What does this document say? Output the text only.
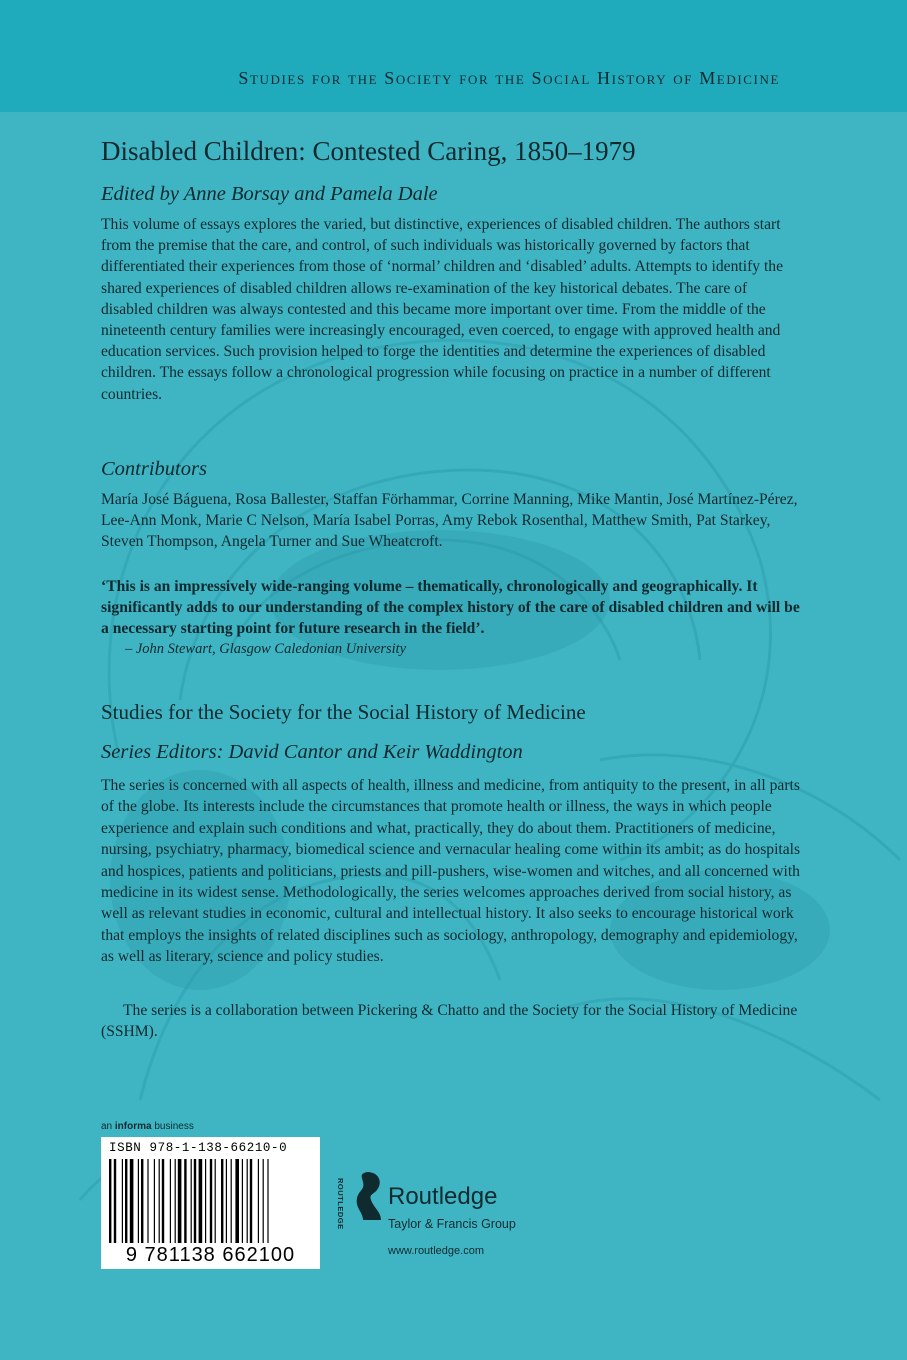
Studies for the Society for the Social History of Medicine
Disabled Children: Contested Caring, 1850–1979
Edited by Anne Borsay and Pamela Dale

This volume of essays explores the varied, but distinctive, experiences of disabled children. The authors start from the premise that the care, and control, of such individuals was historically governed by factors that differentiated their experiences from those of ‘normal’ children and ‘disabled’ adults. Attempts to identify the shared experiences of disabled children allows re-examination of the key historical debates. The care of disabled children was always contested and this became more important over time. From the middle of the nineteenth century families were increasingly encouraged, even coerced, to engage with approved health and education services. Such provision helped to forge the identities and determine the experiences of disabled children. The essays follow a chronological progression while focusing on practice in a number of different countries.

Contributors

María José Báguena, Rosa Ballester, Staffan Förhammar, Corrine Manning, Mike Mantin, José Martínez-Pérez, Lee-Ann Monk, Marie C Nelson, María Isabel Porras, Amy Rebok Rosenthal, Matthew Smith, Pat Starkey, Steven Thompson, Angela Turner and Sue Wheatcroft.

‘This is an impressively wide-ranging volume – thematically, chronologically and geographically. It significantly adds to our understanding of the complex history of the care of disabled children and will be a necessary starting point for future research in the field’.

– John Stewart, Glasgow Caledonian University
Studies for the Society for the Social History of Medicine
Series Editors: David Cantor and Keir Waddington

The series is concerned with all aspects of health, illness and medicine, from antiquity to the present, in all parts of the globe. Its interests include the circumstances that promote health or illness, the ways in which people experience and explain such conditions and what, practically, they do about them. Practitioners of medicine, nursing, psychiatry, pharmacy, biomedical science and vernacular healing come within its ambit; as do hospitals and hospices, patients and politicians, priests and pill-pushers, wise-women and witches, and all concerned with medicine in its widest sense. Methodologically, the series welcomes approaches derived from social history, as well as relevant studies in economic, cultural and intellectual history. It also seeks to encourage historical work that employs the insights of related disciplines such as sociology, anthropology, demography and epidemiology, as well as literary, science and policy studies.

The series is a collaboration between Pickering & Chatto and the Society for the Social History of Medicine (SSHM).

an informa business
ISBN 978-1-138-66210-0
9 781138 662100
ROUTLEDGE Routledge
Taylor & Francis Group
www.routledge.com
